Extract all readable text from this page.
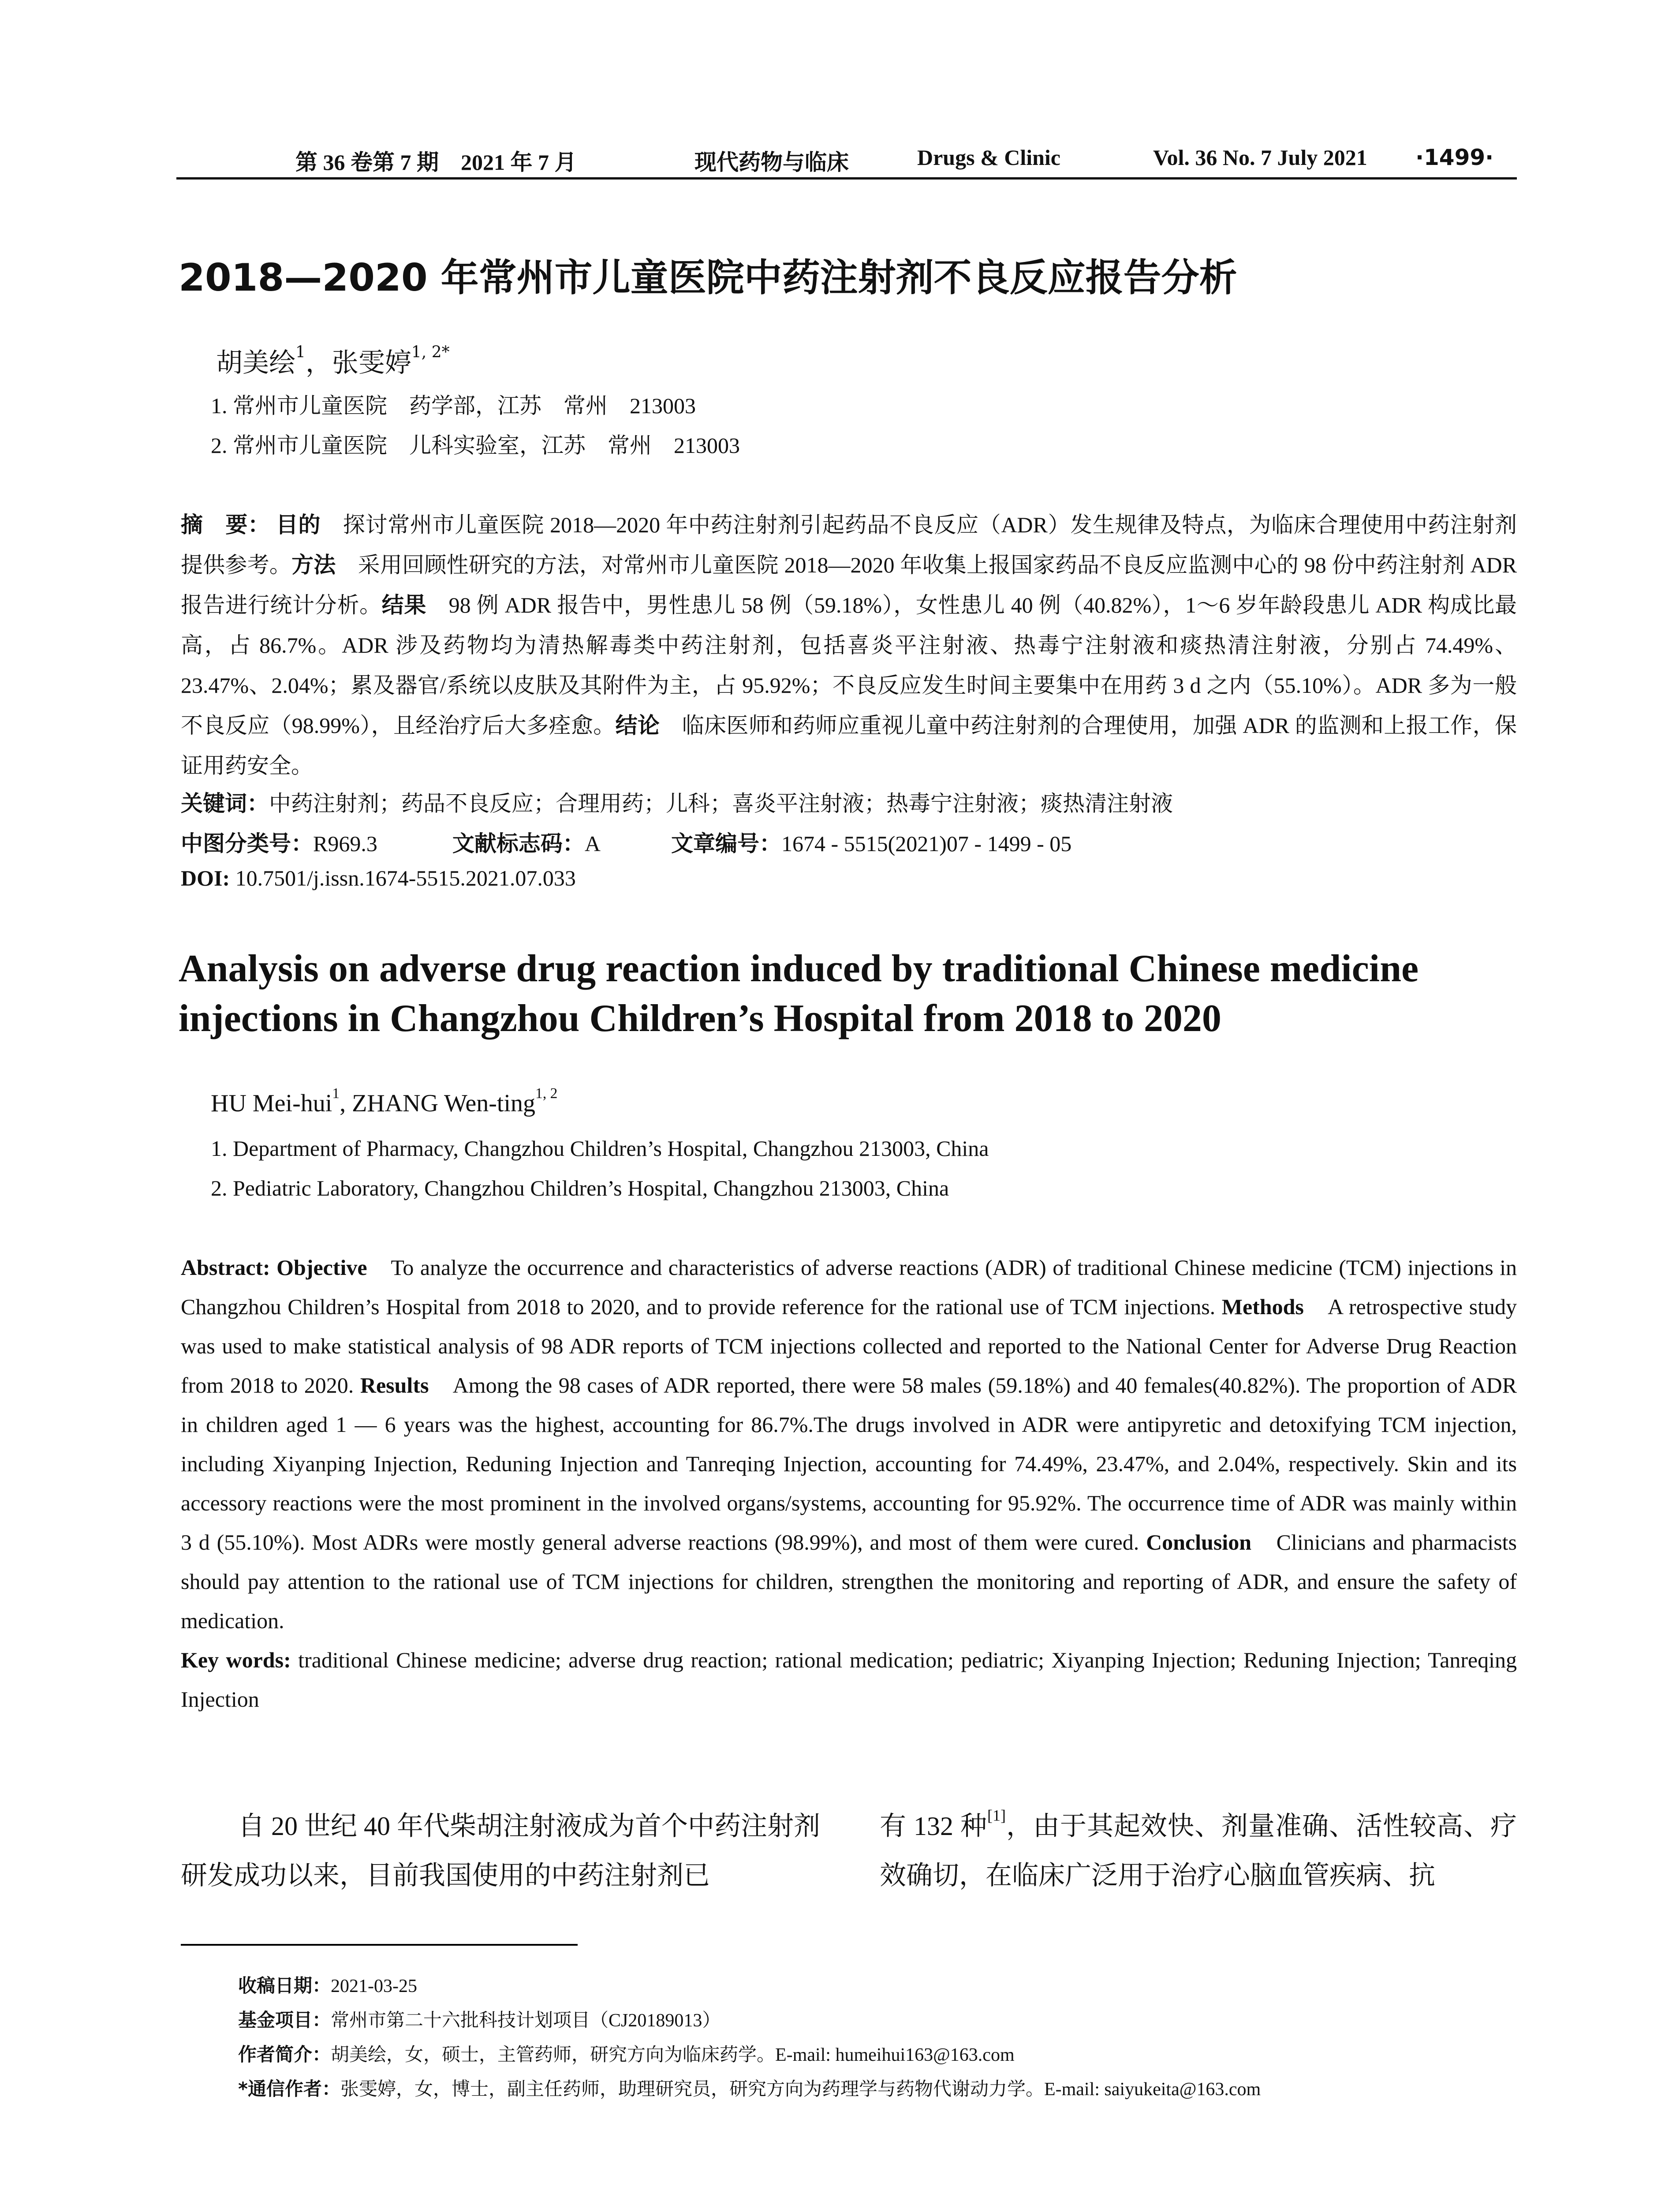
第 36 卷第 7 期　2021 年 7 月	现代药物与临床	Drugs & Clinic	Vol. 36 No. 7 July 2021 ·1499·
2018—2020 年常州市儿童医院中药注射剂不良反应报告分析
胡美绘$^1$，张雯婷$^{1, 2*}$
1. 常州市儿童医院　药学部，江苏　常州　213003
2. 常州市儿童医院　儿科实验室，江苏　常州　213003
摘　要： 目的　探讨常州市儿童医院 2018—2020 年中药注射剂引起药品不良反应（ADR）发生规律及特点，为临床合理使用中药注射剂提供参考。方法　采用回顾性研究的方法，对常州市儿童医院 2018—2020 年收集上报国家药品不良反应监测中心的 98 份中药注射剂 ADR 报告进行统计分析。结果　98 例 ADR 报告中，男性患儿 58 例（59.18%），女性患儿 40 例（40.82%），1～6 岁年龄段患儿 ADR 构成比最高，占 86.7%。ADR 涉及药物均为清热解毒类中药注射剂，包括喜炎平注射液、热毒宁注射液和痰热清注射液，分别占 74.49%、23.47%、2.04%；累及器官/系统以皮肤及其附件为主，占 95.92%；不良反应发生时间主要集中在用药 3 d 之内（55.10%）。ADR 多为一般不良反应（98.99%），且经治疗后大多痊愈。结论　临床医师和药师应重视儿童中药注射剂的合理使用，加强 ADR 的监测和上报工作，保证用药安全。
关键词：中药注射剂；药品不良反应；合理用药；儿科；喜炎平注射液；热毒宁注射液；痰热清注射液
中图分类号：R969.3	文献标志码：A	文章编号：1674 - 5515(2021)07 - 1499 - 05
DOI: 10.7501/j.issn.1674-5515.2021.07.033
Analysis on adverse drug reaction induced by traditional Chinese medicine injections in Changzhou Children’s Hospital from 2018 to 2020
HU Mei-hui$^1$, ZHANG Wen-ting$^{1, 2}$
1. Department of Pharmacy, Changzhou Children’s Hospital, Changzhou 213003, China
2. Pediatric Laboratory, Changzhou Children’s Hospital, Changzhou 213003, China
Abstract: Objective　To analyze the occurrence and characteristics of adverse reactions (ADR) of traditional Chinese medicine (TCM) injections in Changzhou Children’s Hospital from 2018 to 2020, and to provide reference for the rational use of TCM injections. Methods　A retrospective study was used to make statistical analysis of 98 ADR reports of TCM injections collected and reported to the National Center for Adverse Drug Reaction from 2018 to 2020. Results　Among the 98 cases of ADR reported, there were 58 males (59.18%) and 40 females(40.82%). The proportion of ADR in children aged 1 — 6 years was the highest, accounting for 86.7%.The drugs involved in ADR were antipyretic and detoxifying TCM injection, including Xiyanping Injection, Reduning Injection and Tanreqing Injection, accounting for 74.49%, 23.47%, and 2.04%, respectively. Skin and its accessory reactions were the most prominent in the involved organs/systems, accounting for 95.92%. The occurrence time of ADR was mainly within 3 d (55.10%). Most ADRs were mostly general adverse reactions (98.99%), and most of them were cured. Conclusion　Clinicians and pharmacists should pay attention to the rational use of TCM injections for children, strengthen the monitoring and reporting of ADR, and ensure the safety of medication.
Key words: traditional Chinese medicine; adverse drug reaction; rational medication; pediatric; Xiyanping Injection; Reduning Injection; Tanreqing Injection
自 20 世纪 40 年代柴胡注射液成为首个中药注射剂研发成功以来，目前我国使用的中药注射剂已
有 132 种[1]，由于其起效快、剂量准确、活性较高、疗效确切，在临床广泛用于治疗心脑血管疾病、抗
收稿日期：2021-03-25
基金项目：常州市第二十六批科技计划项目（CJ20189013）
作者简介：胡美绘，女，硕士，主管药师，研究方向为临床药学。E-mail: humeihui163@163.com
*通信作者：张雯婷，女，博士，副主任药师，助理研究员，研究方向为药理学与药物代谢动力学。E-mail: saiyukeita@163.com
